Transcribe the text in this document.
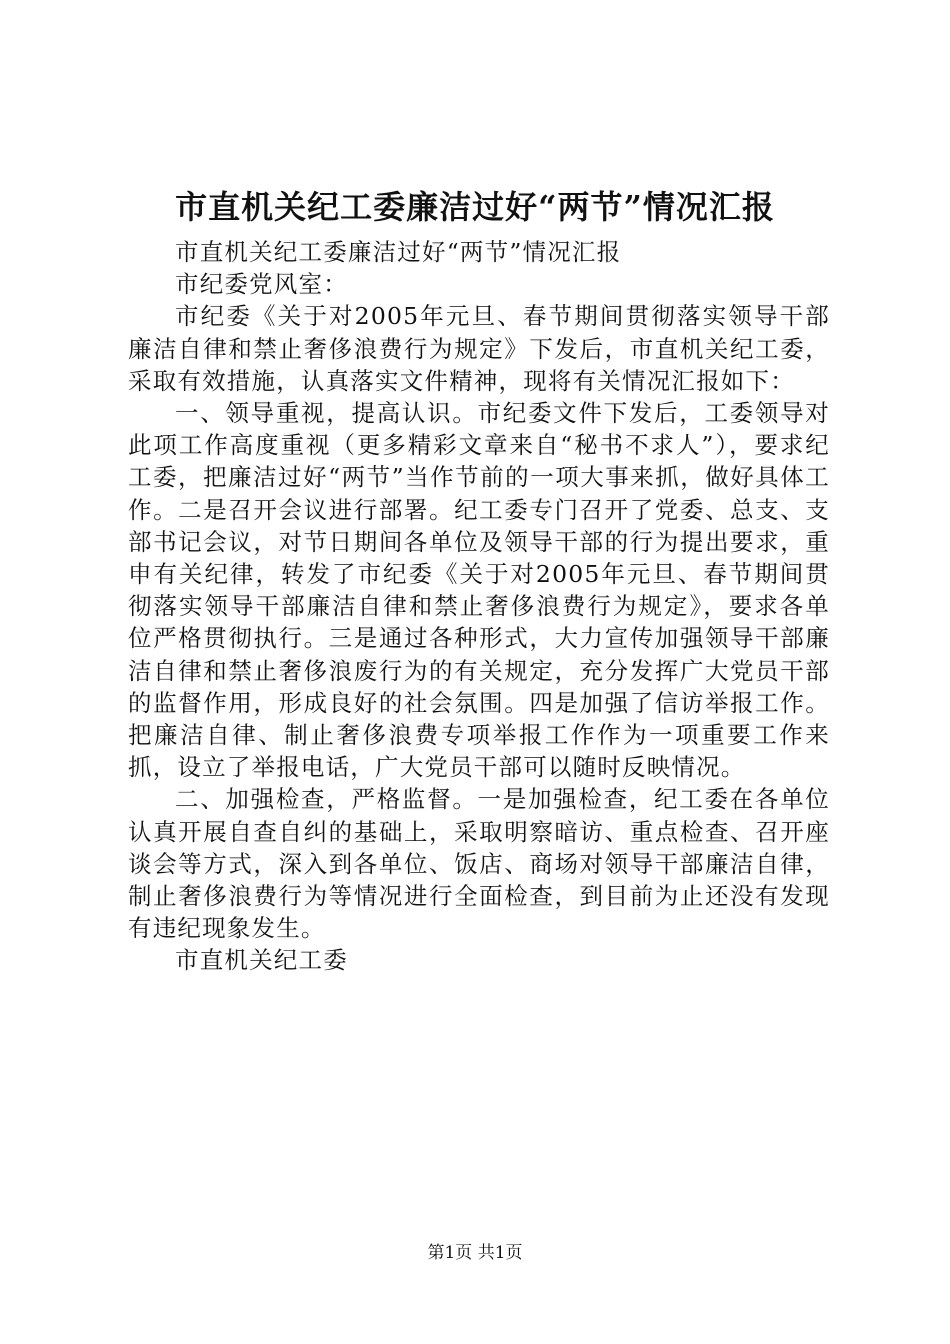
市直机关纪工委廉洁过好“两节”情况汇报

市直机关纪工委廉洁过好“两节”情况汇报

市纪委党风室：

市纪委《关于对2005年元旦、春节期间贯彻落实领导干部廉洁自律和禁止奢侈浪费行为规定》下发后，市直机关纪工委，采取有效措施，认真落实文件精神，现将有关情况汇报如下：

一、领导重视，提高认识。市纪委文件下发后，工委领导对此项工作高度重视（更多精彩文章来自“秘书不求人”），要求纪工委，把廉洁过好“两节”当作节前的一项大事来抓，做好具体工作。二是召开会议进行部署。纪工委专门召开了党委、总支、支部书记会议，对节日期间各单位及领导干部的行为提出要求，重申有关纪律，转发了市纪委《关于对2005年元旦、春节期间贯彻落实领导干部廉洁自律和禁止奢侈浪费行为规定》，要求各单位严格贯彻执行。三是通过各种形式，大力宣传加强领导干部廉洁自律和禁止奢侈浪废行为的有关规定，充分发挥广大党员干部的监督作用，形成良好的社会氛围。四是加强了信访举报工作。把廉洁自律、制止奢侈浪费专项举报工作作为一项重要工作来抓，设立了举报电话，广大党员干部可以随时反映情况。

二、加强检查，严格监督。一是加强检查，纪工委在各单位认真开展自查自纠的基础上，采取明察暗访、重点检查、召开座谈会等方式，深入到各单位、饭店、商场对领导干部廉洁自律，制止奢侈浪费行为等情况进行全面检查，到目前为止还没有发现有违纪现象发生。

市直机关纪工委

第1页 共1页
